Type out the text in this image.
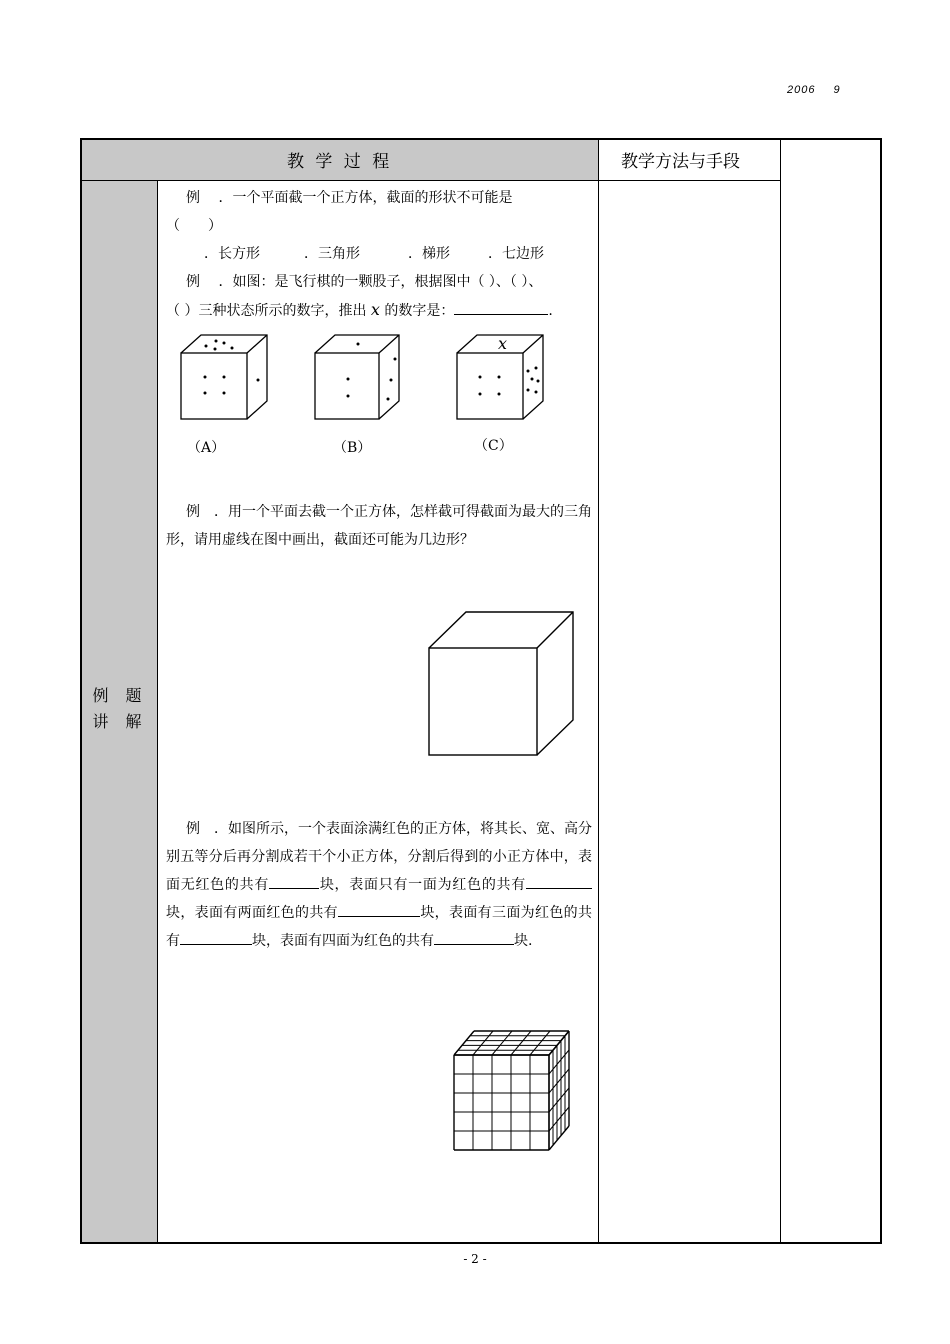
2006 9
教 学 过 程	教学方法与手段
例 题
讲 解
例 ．一个平面截一个正方体，截面的形状不可能是
（　　）
．长方形	．三角形	．梯形	．七边形
例 ．如图：是飞行棋的一颗股子，根据图中（ ）、（ ）、
（ ）三种状态所示的数字，推出 x 的数字是：	.
（A）	（B）
x
（C）
例 ．用一个平面去截一个正方体，怎样截可得截面为最大的三角形，请用虚线在图中画出，截面还可能为几边形？
例 ．如图所示，一个表面涂满红色的正方体，将其长、宽、高分别五等分后再分割成若干个小正方体，分割后得到的小正方体中，表面无红色的共有	块，表面只有一面为红色的共有块，表面有两面红色的共有	块，表面有三面为红色的共有	块，表面有四面为红色的共有	块.
- 2 -
